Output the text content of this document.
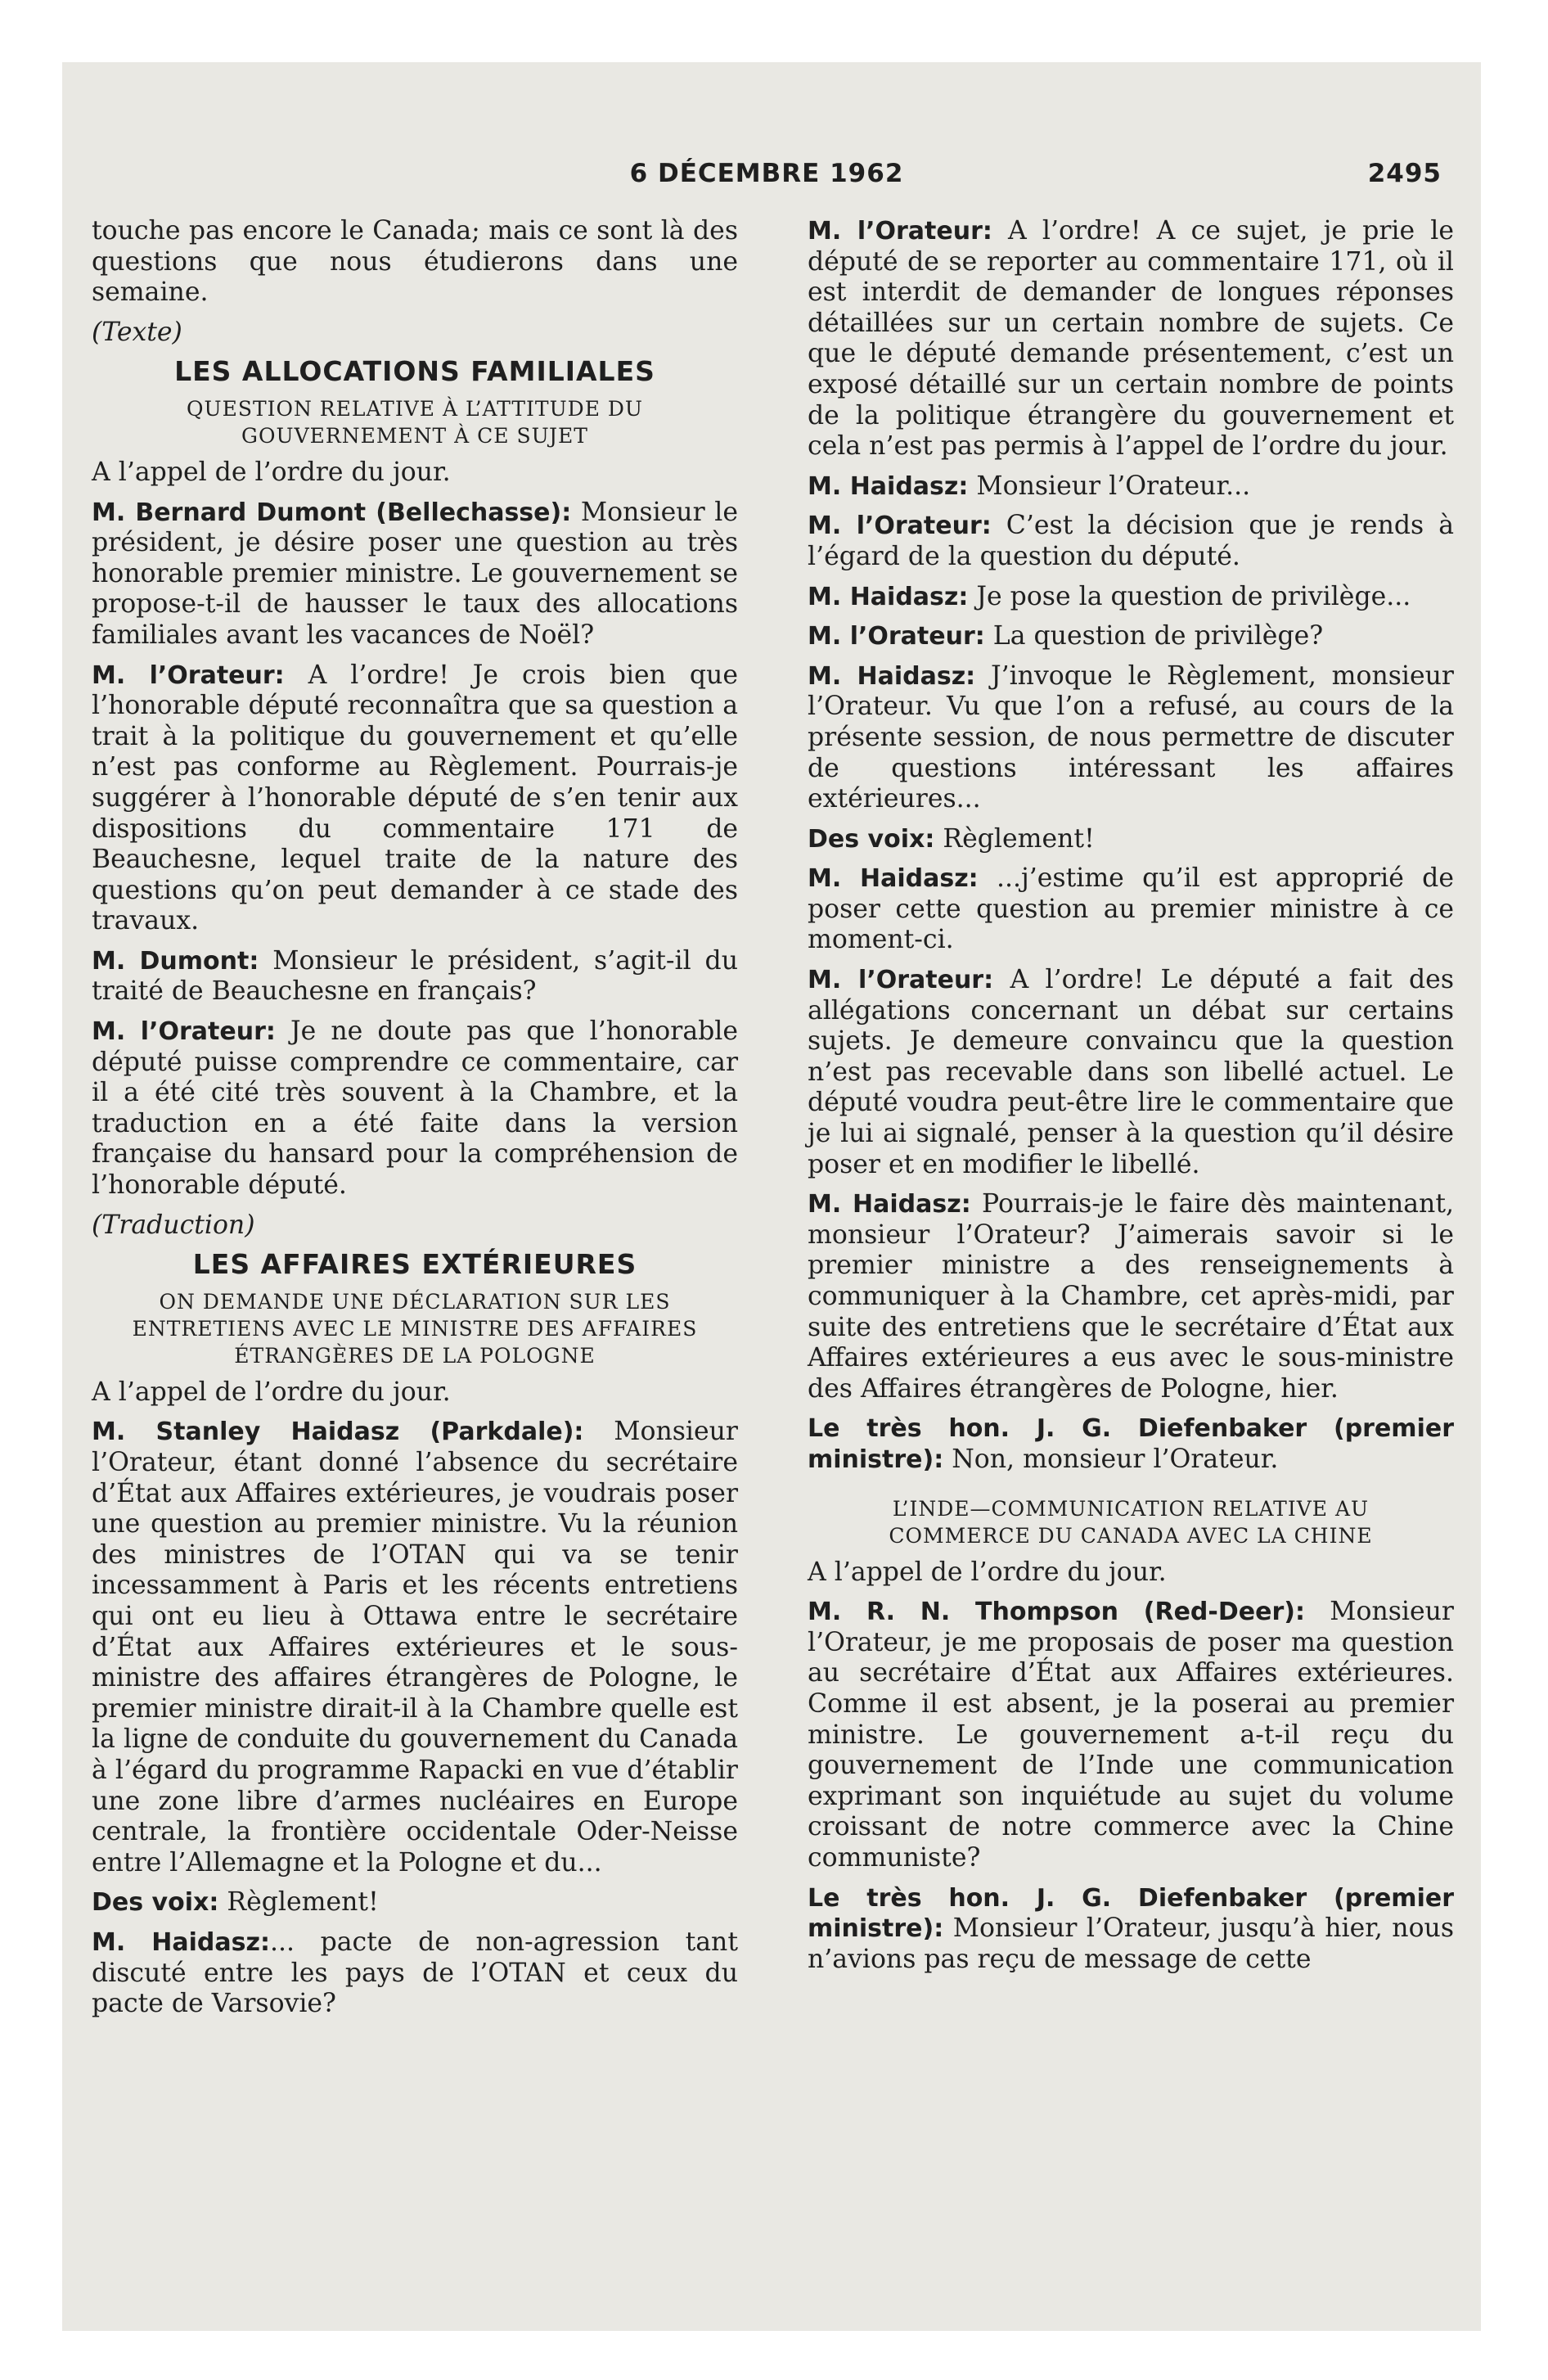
6 DÉCEMBRE 1962	2495

touche pas encore le Canada; mais ce sont là des questions que nous étudierons dans une semaine.

(Texte)

LES ALLOCATIONS FAMILIALES
QUESTION RELATIVE À L’ATTITUDE DU GOUVERNEMENT À CE SUJET

A l’appel de l’ordre du jour.

M. Bernard Dumont (Bellechasse): Monsieur le président, je désire poser une question au très honorable premier ministre. Le gouvernement se propose-t-il de hausser le taux des allocations familiales avant les vacances de Noël?

M. l’Orateur: A l’ordre! Je crois bien que l’honorable député reconnaîtra que sa question a trait à la politique du gouvernement et qu’elle n’est pas conforme au Règlement. Pourrais-je suggérer à l’honorable député de s’en tenir aux dispositions du commentaire 171 de Beauchesne, lequel traite de la nature des questions qu’on peut demander à ce stade des travaux.

M. Dumont: Monsieur le président, s’agit-il du traité de Beauchesne en français?

M. l’Orateur: Je ne doute pas que l’honorable député puisse comprendre ce commentaire, car il a été cité très souvent à la Chambre, et la traduction en a été faite dans la version française du hansard pour la compréhension de l’honorable député.

(Traduction)

LES AFFAIRES EXTÉRIEURES
ON DEMANDE UNE DÉCLARATION SUR LES ENTRETIENS AVEC LE MINISTRE DES AFFAIRES ÉTRANGÈRES DE LA POLOGNE

A l’appel de l’ordre du jour.

M. Stanley Haidasz (Parkdale): Monsieur l’Orateur, étant donné l’absence du secrétaire d’État aux Affaires extérieures, je voudrais poser une question au premier ministre. Vu la réunion des ministres de l’OTAN qui va se tenir incessamment à Paris et les récents entretiens qui ont eu lieu à Ottawa entre le secrétaire d’État aux Affaires extérieures et le sous-ministre des affaires étrangères de Pologne, le premier ministre dirait-il à la Chambre quelle est la ligne de conduite du gouvernement du Canada à l’égard du programme Rapacki en vue d’établir une zone libre d’armes nucléaires en Europe centrale, la frontière occidentale Oder-Neisse entre l’Allemagne et la Pologne et du...

Des voix: Règlement!

M. Haidasz:... pacte de non-agression tant discuté entre les pays de l’OTAN et ceux du pacte de Varsovie?

M. l’Orateur: A l’ordre! A ce sujet, je prie le député de se reporter au commentaire 171, où il est interdit de demander de longues réponses détaillées sur un certain nombre de sujets. Ce que le député demande présentement, c’est un exposé détaillé sur un certain nombre de points de la politique étrangère du gouvernement et cela n’est pas permis à l’appel de l’ordre du jour.

M. Haidasz: Monsieur l’Orateur...

M. l’Orateur: C’est la décision que je rends à l’égard de la question du député.

M. Haidasz: Je pose la question de privilège...

M. l’Orateur: La question de privilège?

M. Haidasz: J’invoque le Règlement, monsieur l’Orateur. Vu que l’on a refusé, au cours de la présente session, de nous permettre de discuter de questions intéressant les affaires extérieures...

Des voix: Règlement!

M. Haidasz: ...j’estime qu’il est approprié de poser cette question au premier ministre à ce moment-ci.

M. l’Orateur: A l’ordre! Le député a fait des allégations concernant un débat sur certains sujets. Je demeure convaincu que la question n’est pas recevable dans son libellé actuel. Le député voudra peut-être lire le commentaire que je lui ai signalé, penser à la question qu’il désire poser et en modifier le libellé.

M. Haidasz: Pourrais-je le faire dès maintenant, monsieur l’Orateur? J’aimerais savoir si le premier ministre a des renseignements à communiquer à la Chambre, cet après-midi, par suite des entretiens que le secrétaire d’État aux Affaires extérieures a eus avec le sous-ministre des Affaires étrangères de Pologne, hier.

Le très hon. J. G. Diefenbaker (premier ministre): Non, monsieur l’Orateur.

L’INDE—COMMUNICATION RELATIVE AU COMMERCE DU CANADA AVEC LA CHINE

A l’appel de l’ordre du jour.

M. R. N. Thompson (Red-Deer): Monsieur l’Orateur, je me proposais de poser ma question au secrétaire d’État aux Affaires extérieures. Comme il est absent, je la poserai au premier ministre. Le gouvernement a-t-il reçu du gouvernement de l’Inde une communication exprimant son inquiétude au sujet du volume croissant de notre commerce avec la Chine communiste?

Le très hon. J. G. Diefenbaker (premier ministre): Monsieur l’Orateur, jusqu’à hier, nous n’avions pas reçu de message de cette
